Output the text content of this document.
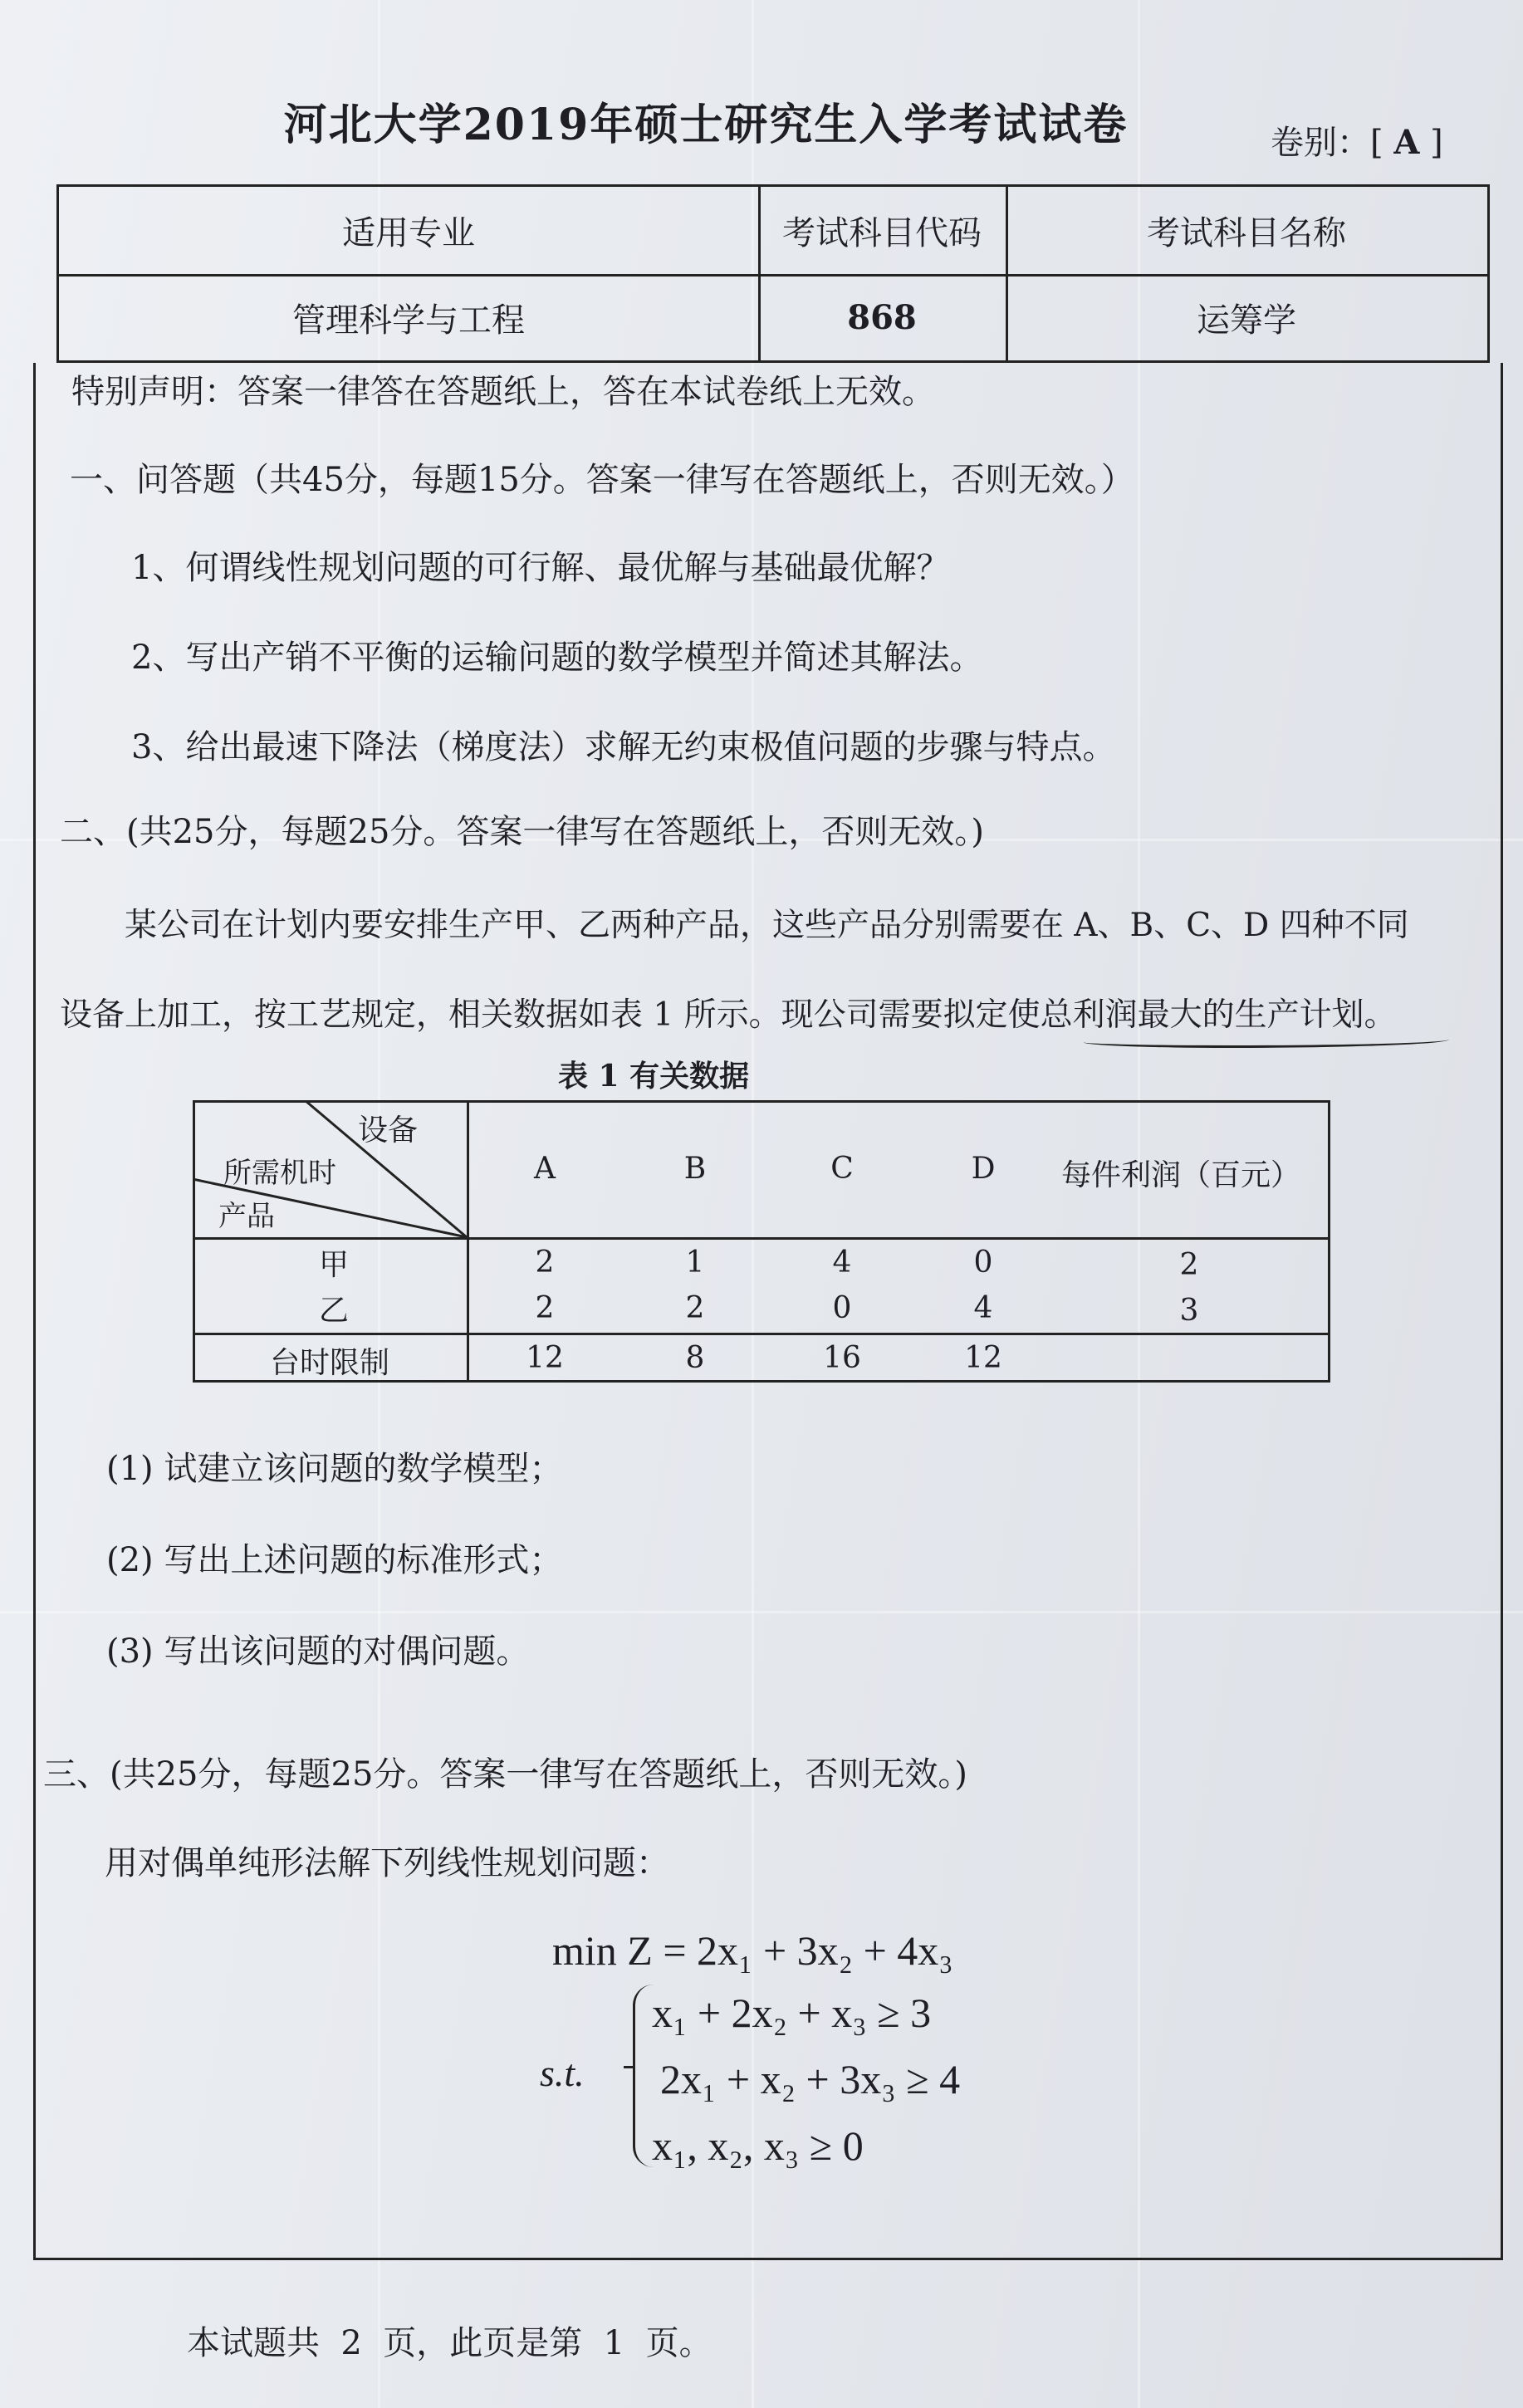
河北大学2019年硕士研究生入学考试试卷	卷别：[ A ]
适用专业	考试科目代码	考试科目名称
管理科学与工程	868	运筹学
特别声明：答案一律答在答题纸上，答在本试卷纸上无效。
一、问答题（共45分，每题15分。答案一律写在答题纸上，否则无效。）
1、何谓线性规划问题的可行解、最优解与基础最优解？
2、写出产销不平衡的运输问题的数学模型并简述其解法。
3、给出最速下降法（梯度法）求解无约束极值问题的步骤与特点。
二、(共25分，每题25分。答案一律写在答题纸上，否则无效。)
某公司在计划内要安排生产甲、乙两种产品，这些产品分别需要在 A、B、C、D 四种不同
设备上加工，按工艺规定，相关数据如表 1 所示。现公司需要拟定使总利润最大的生产计划。
表 1 有关数据
设备
所需机时
产品
A	B	C	D 每件利润（百元）
甲	2	1	4	0	2
乙	2	2	0	4	3
台时限制	12	8	16	12
(1) 试建立该问题的数学模型；
(2) 写出上述问题的标准形式；
(3) 写出该问题的对偶问题。
三、(共25分，每题25分。答案一律写在答题纸上，否则无效。)
用对偶单纯形法解下列线性规划问题：
min Z = 2x₁ + 3x₂ + 4x₃
s.t.
x₁ + 2x₂ + x₃ ≥ 3
2x₁ + x₂ + 3x₃ ≥ 4
x₁, x₂, x₃ ≥ 0
本试题共  2  页，此页是第  1  页。
